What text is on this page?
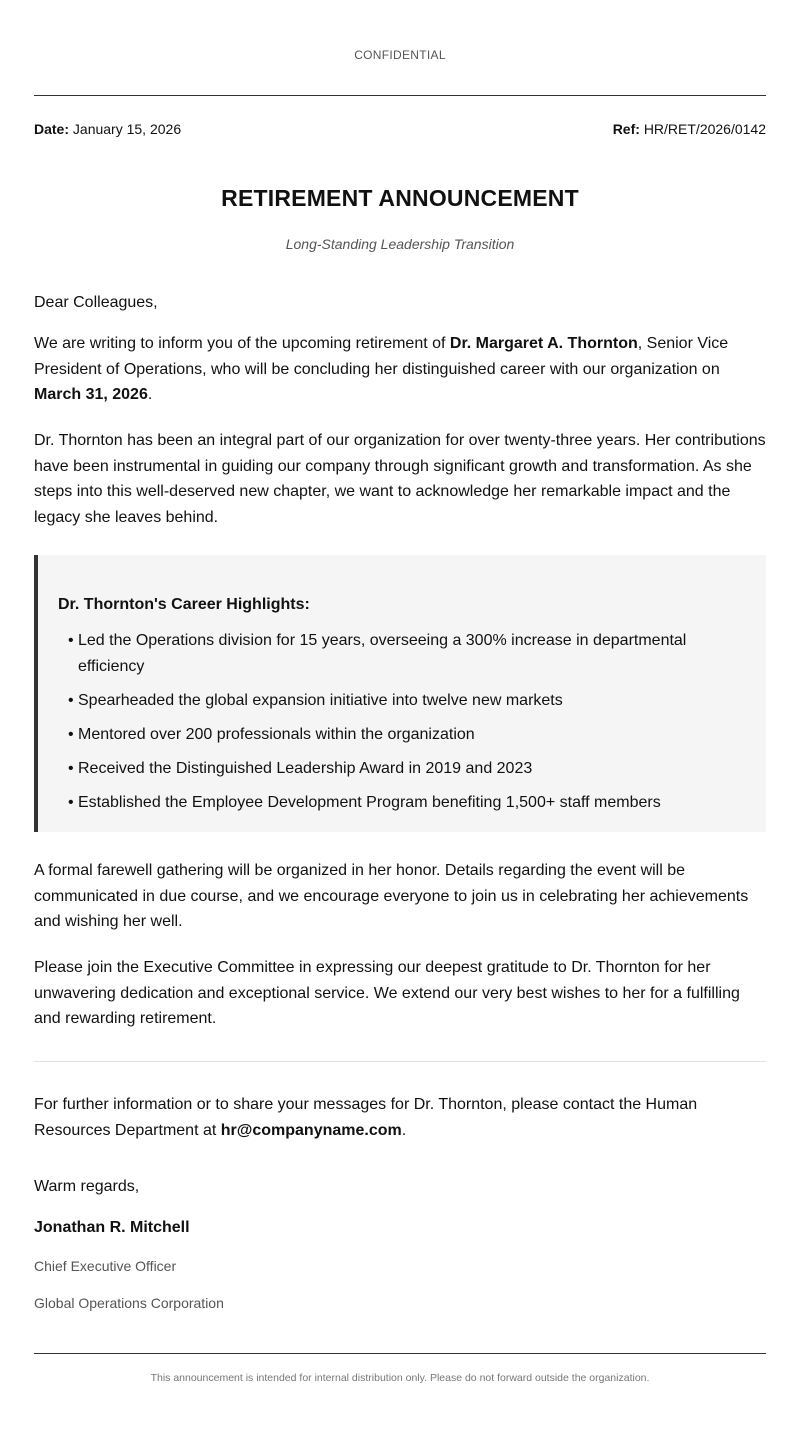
CONFIDENTIAL
Date: January 15, 2026	Ref: HR/RET/2026/0142
RETIREMENT ANNOUNCEMENT
Long-Standing Leadership Transition

Dear Colleagues,

We are writing to inform you of the upcoming retirement of Dr. Margaret A. Thornton, Senior Vice President of Operations, who will be concluding her distinguished career with our organization on March 31, 2026.

Dr. Thornton has been an integral part of our organization for over twenty-three years. Her contributions have been instrumental in guiding our company through significant growth and transformation. As she steps into this well-deserved new chapter, we want to acknowledge her remarkable impact and the legacy she leaves behind.

Dr. Thornton's Career Highlights:
• Led the Operations division for 15 years, overseeing a 300% increase in departmental efficiency
• Spearheaded the global expansion initiative into twelve new markets
• Mentored over 200 professionals within the organization
• Received the Distinguished Leadership Award in 2019 and 2023
• Established the Employee Development Program benefiting 1,500+ staff members

A formal farewell gathering will be organized in her honor. Details regarding the event will be communicated in due course, and we encourage everyone to join us in celebrating her achievements and wishing her well.

Please join the Executive Committee in expressing our deepest gratitude to Dr. Thornton for her unwavering dedication and exceptional service. We extend our very best wishes to her for a fulfilling and rewarding retirement.

For further information or to share your messages for Dr. Thornton, please contact the Human Resources Department at hr@companyname.com.

Warm regards,

Jonathan R. Mitchell
Chief Executive Officer
Global Operations Corporation
This announcement is intended for internal distribution only. Please do not forward outside the organization.
